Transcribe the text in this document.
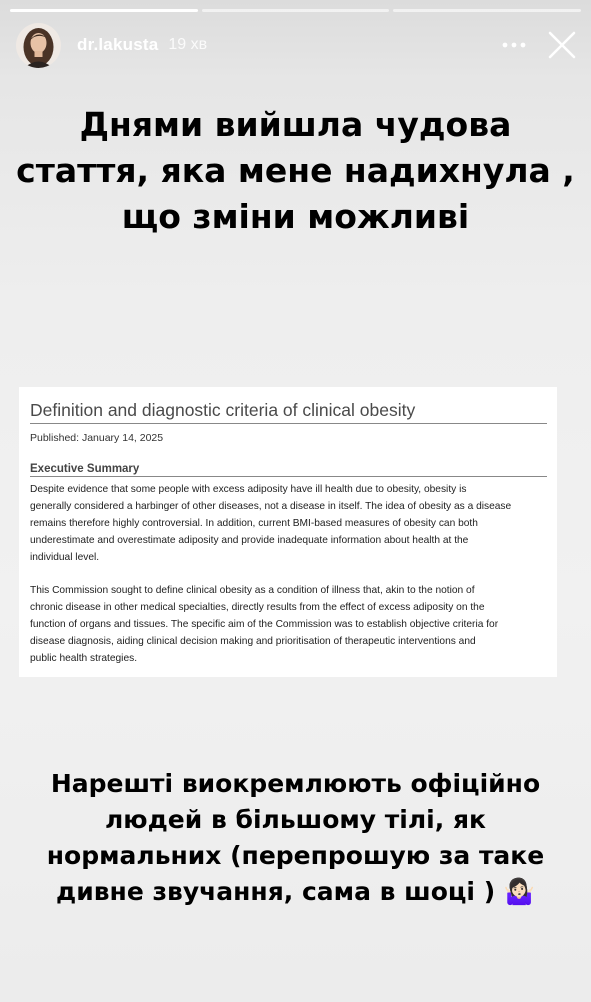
dr.lakusta 19 хв
Днями вийшла чудова
стаття, яка мене надихнула ,
що зміни можливі
Definition and diagnostic criteria of clinical obesity
Published: January 14, 2025
Executive Summary
Despite evidence that some people with excess adiposity have ill health due to obesity, obesity is
generally considered a harbinger of other diseases, not a disease in itself. The idea of obesity as a disease
remains therefore highly controversial. In addition, current BMI-based measures of obesity can both
underestimate and overestimate adiposity and provide inadequate information about health at the
individual level.
This Commission sought to define clinical obesity as a condition of illness that, akin to the notion of
chronic disease in other medical specialties, directly results from the effect of excess adiposity on the
function of organs and tissues. The specific aim of the Commission was to establish objective criteria for
disease diagnosis, aiding clinical decision making and prioritisation of therapeutic interventions and
public health strategies.
Нарешті виокремлюють офіційно
людей в більшому тілі, як
нормальних (перепрошую за таке
дивне звучання, сама в шоці ) 🤷🏻‍♀️
